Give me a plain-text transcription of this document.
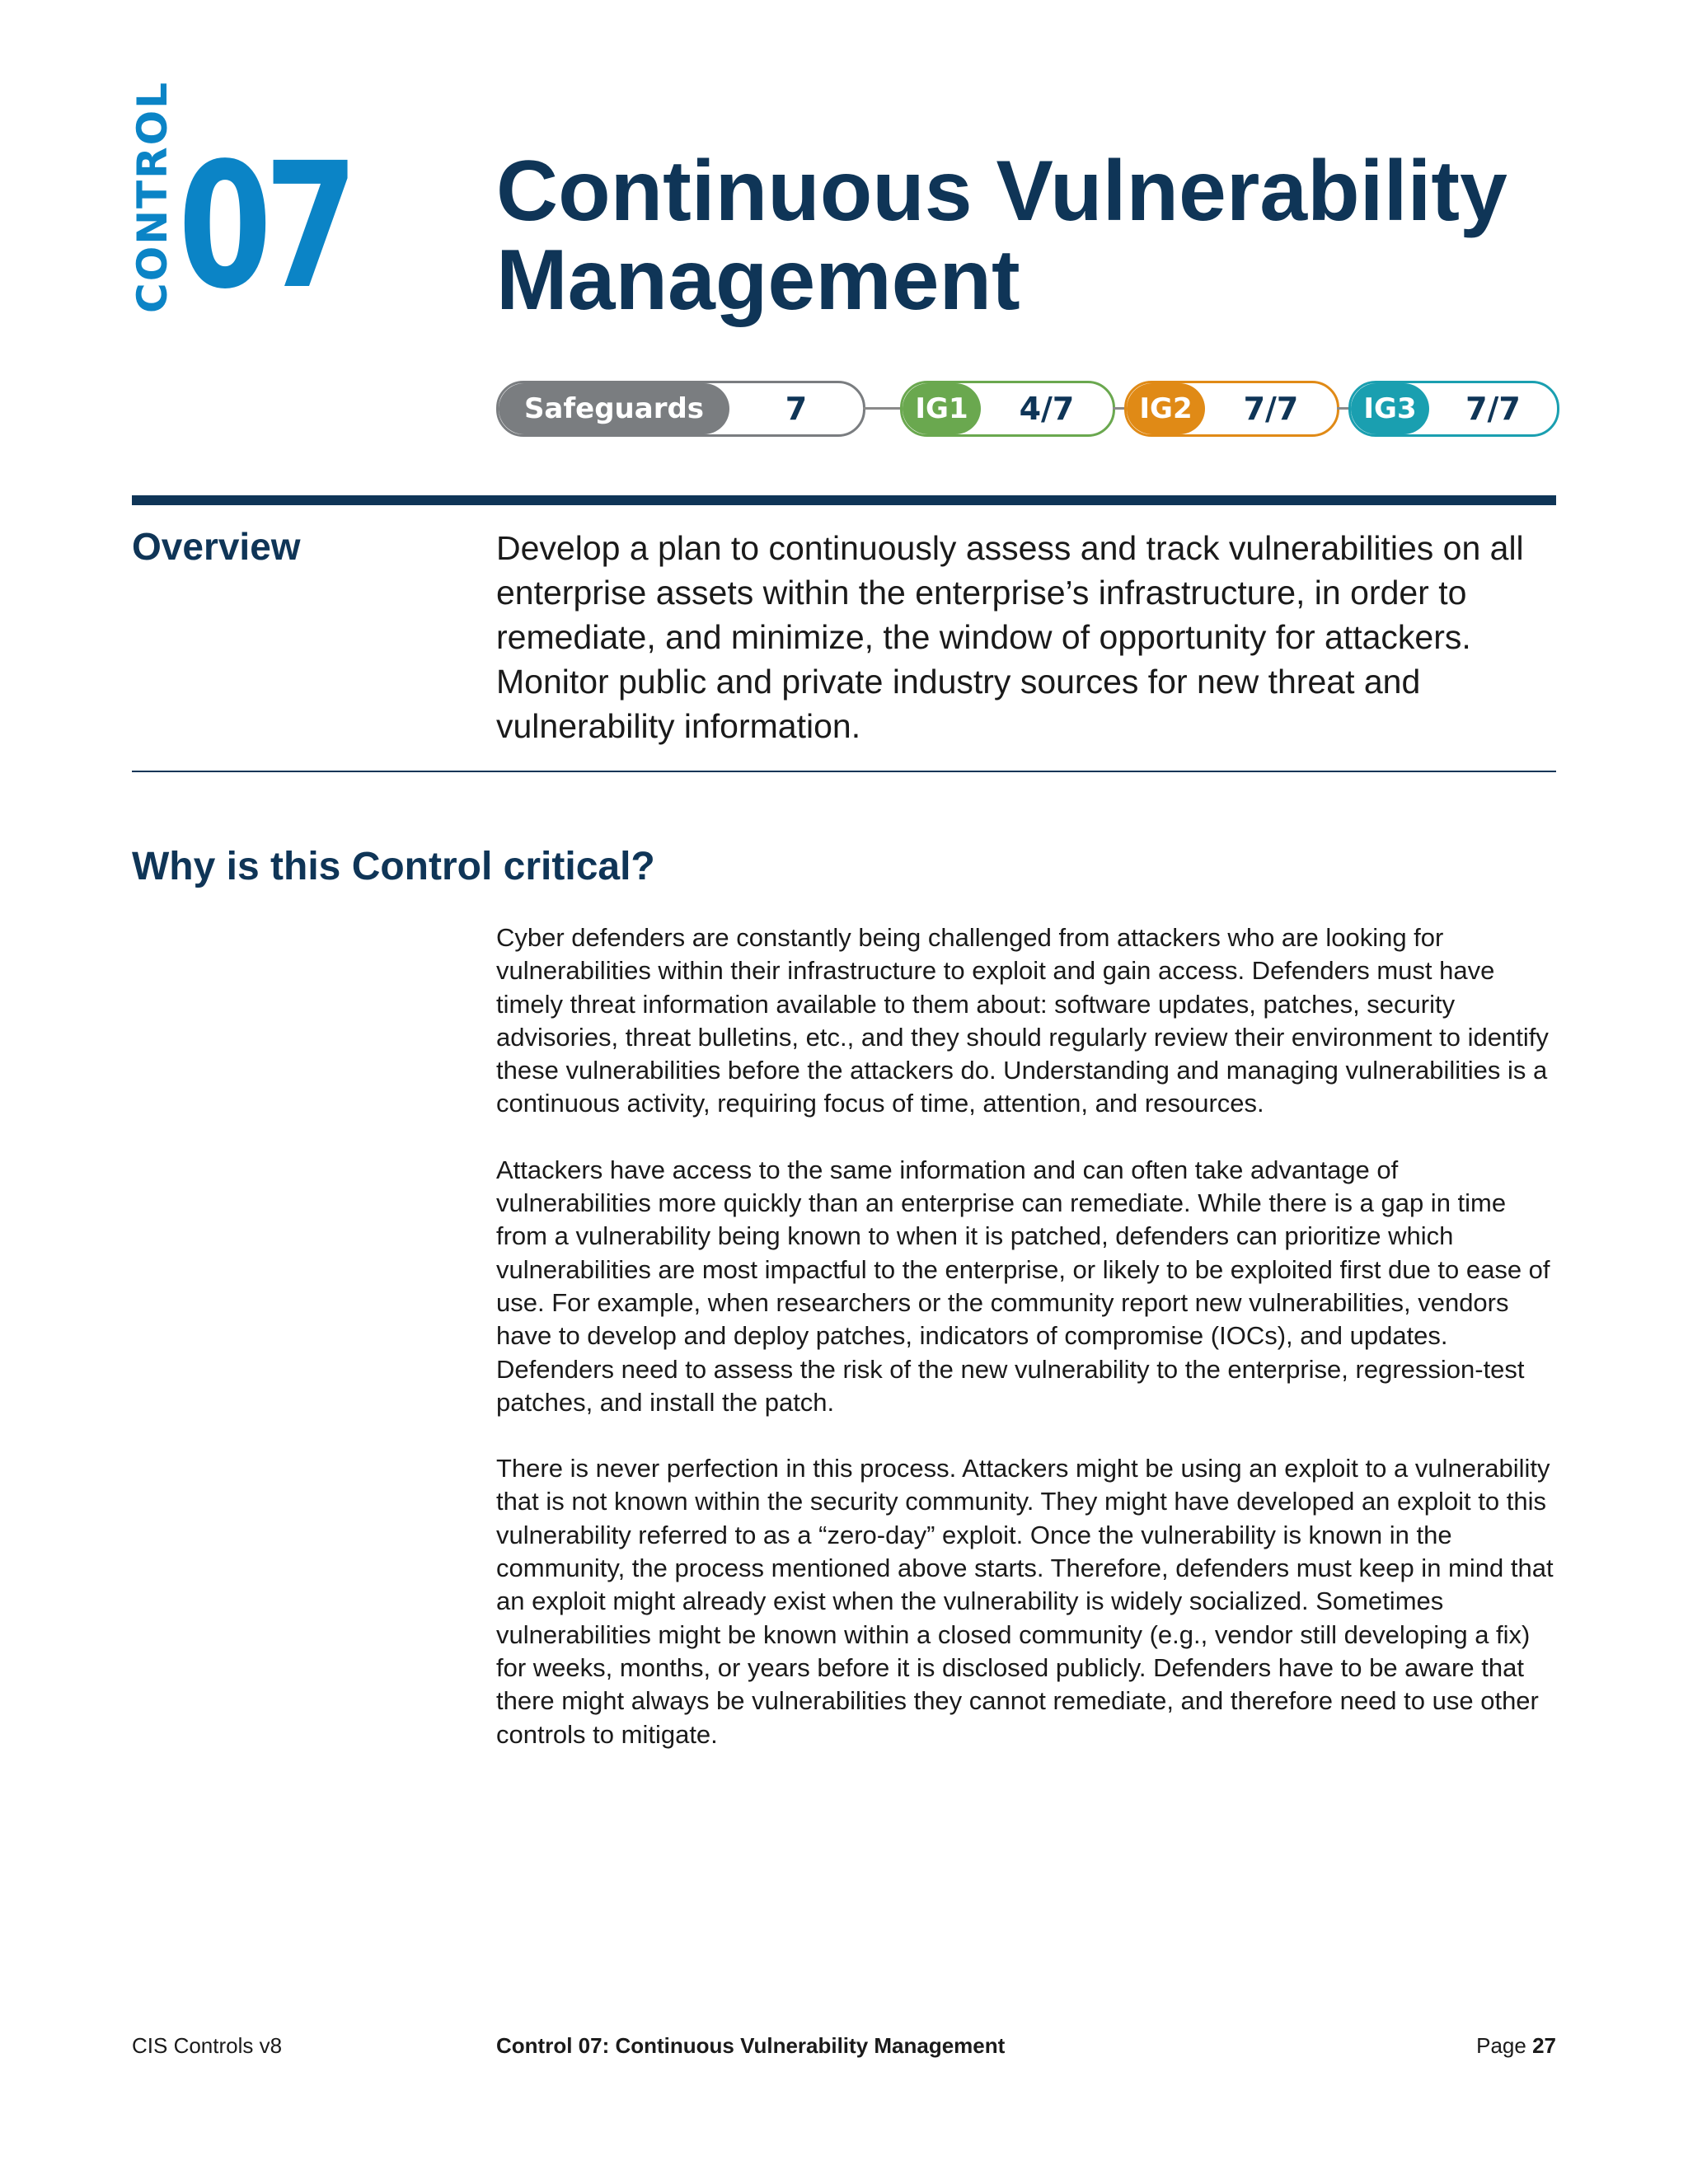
CONTROL 07 Continuous Vulnerability Management
Safeguards Total
7	IG1	4/7	IG2	7/7	IG3	7/7
Overview	Develop a plan to continuously assess and track vulnerabilities on all enterprise assets within the enterprise’s infrastructure, in order to remediate, and minimize, the window of opportunity for attackers. Monitor public and private industry sources for new threat and vulnerability information.

Why is this Control critical?

Cyber defenders are constantly being challenged from attackers who are looking for vulnerabilities within their infrastructure to exploit and gain access. Defenders must have timely threat information available to them about: software updates, patches, security advisories, threat bulletins, etc., and they should regularly review their environment to identify these vulnerabilities before the attackers do. Understanding and managing vulnerabilities is a continuous activity, requiring focus of time, attention, and resources.

Attackers have access to the same information and can often take advantage of vulnerabilities more quickly than an enterprise can remediate. While there is a gap in time from a vulnerability being known to when it is patched, defenders can prioritize which vulnerabilities are most impactful to the enterprise, or likely to be exploited first due to ease of use. For example, when researchers or the community report new vulnerabilities, vendors have to develop and deploy patches, indicators of compromise (IOCs), and updates. Defenders need to assess the risk of the new vulnerability to the enterprise, regression-test patches, and install the patch.

There is never perfection in this process. Attackers might be using an exploit to a vulnerability that is not known within the security community. They might have developed an exploit to this vulnerability referred to as a “zero-day” exploit. Once the vulnerability is known in the community, the process mentioned above starts. Therefore, defenders must keep in mind that an exploit might already exist when the vulnerability is widely socialized. Sometimes vulnerabilities might be known within a closed community (e.g., vendor still developing a fix) for weeks, months, or years before it is disclosed publicly. Defenders have to be aware that there might always be vulnerabilities they cannot remediate, and therefore need to use other controls to mitigate.

CIS Controls v8	Control 07: Continuous Vulnerability Management	Page 27
